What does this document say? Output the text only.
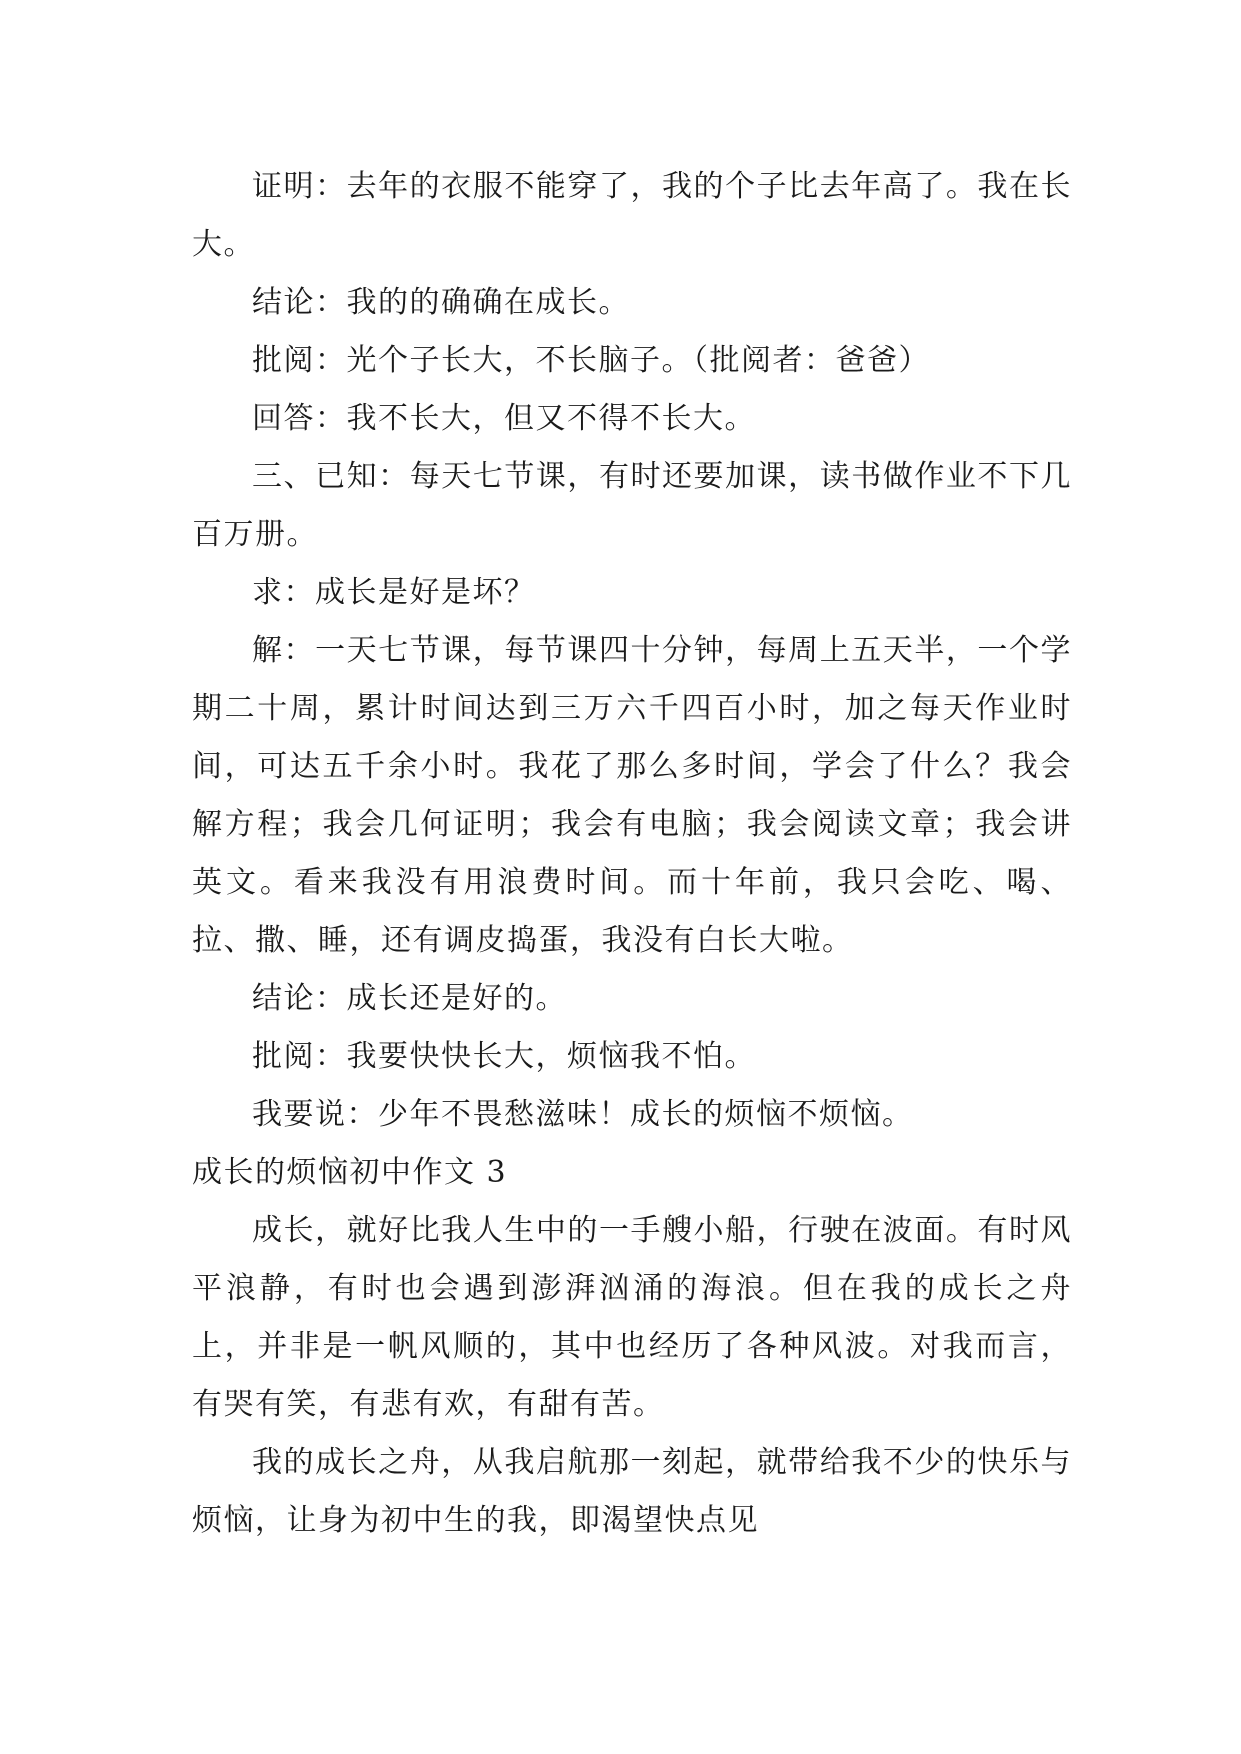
证明：去年的衣服不能穿了，我的个子比去年高了。我在长大。

结论：我的的确确在成长。

批阅：光个子长大，不长脑子。（批阅者：爸爸）

回答：我不长大，但又不得不长大。

三、已知：每天七节课，有时还要加课，读书做作业不下几百万册。

求：成长是好是坏？

解：一天七节课，每节课四十分钟，每周上五天半，一个学期二十周，累计时间达到三万六千四百小时，加之每天作业时间，可达五千余小时。我花了那么多时间，学会了什么？我会解方程；我会几何证明；我会有电脑；我会阅读文章；我会讲英文。看来我没有用浪费时间。而十年前，我只会吃、喝、拉、撒、睡，还有调皮捣蛋，我没有白长大啦。

结论：成长还是好的。

批阅：我要快快长大，烦恼我不怕。

我要说：少年不畏愁滋味！成长的烦恼不烦恼。

成长的烦恼初中作文 3

成长，就好比我人生中的一手艘小船，行驶在波面。有时风平浪静，有时也会遇到澎湃汹涌的海浪。但在我的成长之舟上，并非是一帆风顺的，其中也经历了各种风波。对我而言，有哭有笑，有悲有欢，有甜有苦。

我的成长之舟，从我启航那一刻起，就带给我不少的快乐与烦恼，让身为初中生的我，即渴望快点见
